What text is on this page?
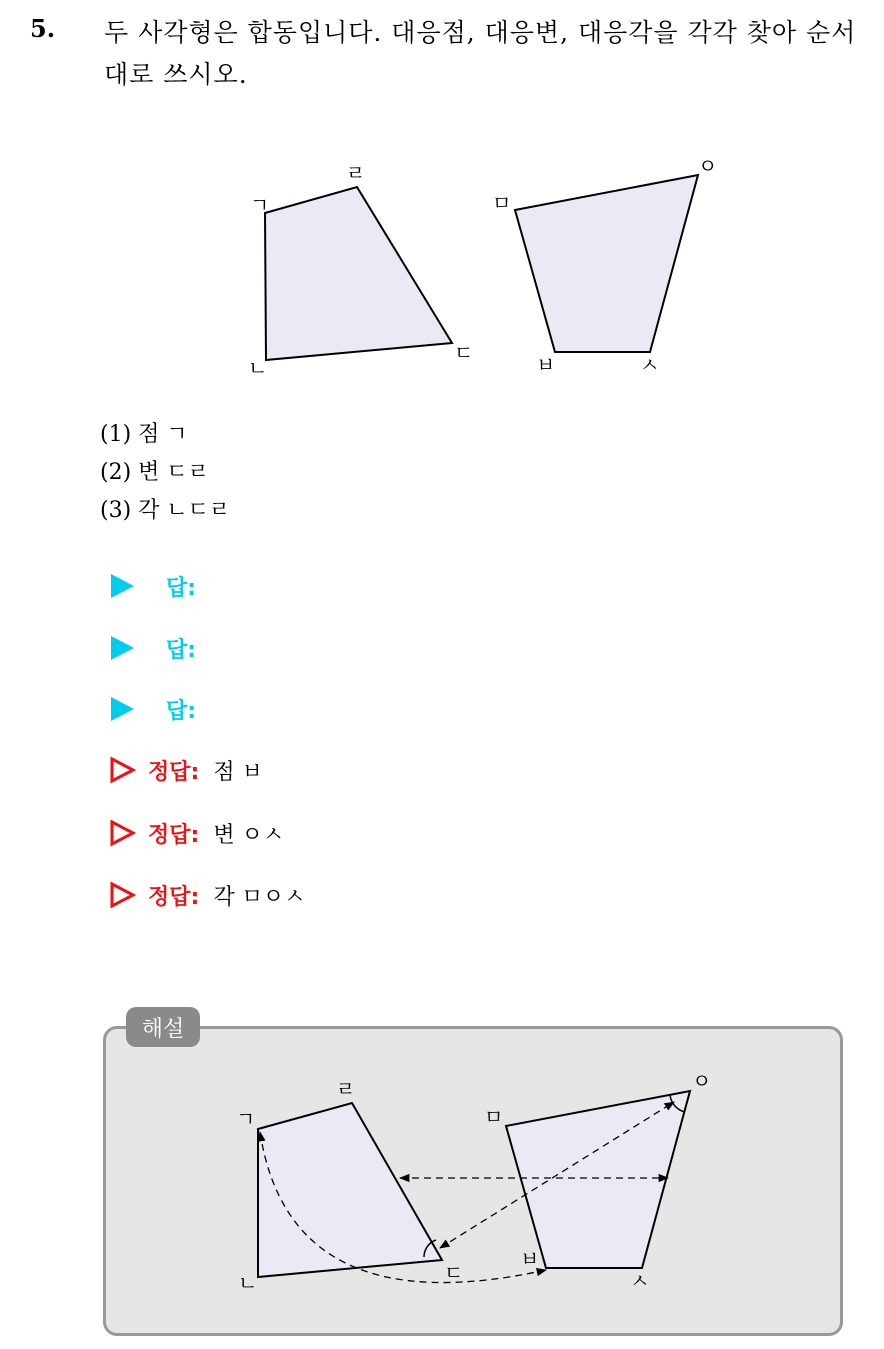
5. 두 사각형은 합동입니다. 대응점, 대응변, 대응각을 각각 찾아 순서대로 쓰시오.
ㄱ
ㄹ
ㄷ
ㄴ
ㅁ
ㅇ
ㅂ	ㅅ
(1) 점 ㄱ
(2) 변 ㄷㄹ
(3) 각 ㄴㄷㄹ
답:
답:
답:
정답: 점 ㅂ
정답: 변 ㅇㅅ
정답: 각 ㅁㅇㅅ
해설
ㄱ
ㄹ
ㄷ
ㄴ
ㅁ
ㅇ
ㅂ
ㅅ
